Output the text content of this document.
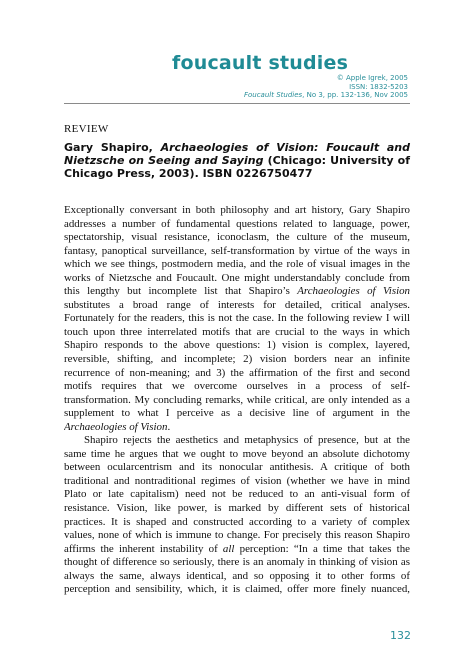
foucault studies
© Apple Igrek, 2005
ISSN: 1832-5203
Foucault Studies, No 3, pp. 132-136, Nov 2005
REVIEW
Gary Shapiro, Archaeologies of Vision: Foucault and Nietzsche on Seeing and Saying (Chicago: University of Chicago Press, 2003). ISBN 0226750477
Exceptionally conversant in both philosophy and art history, Gary Shapiro
addresses a number of fundamental questions related to language, power,
spectatorship, visual resistance, iconoclasm, the culture of the museum,
fantasy, panoptical surveillance, self-transformation by virtue of the ways in
which we see things, postmodern media, and the role of visual images in the
works of Nietzsche and Foucault. One might understandably conclude from
this lengthy but incomplete list that Shapiro’s Archaeologies of Vision
substitutes a broad range of interests for detailed, critical analyses.
Fortunately for the readers, this is not the case. In the following review I will
touch upon three interrelated motifs that are crucial to the ways in which
Shapiro responds to the above questions: 1) vision is complex, layered,
reversible, shifting, and incomplete; 2) vision borders near an infinite
recurrence of non-meaning; and 3) the affirmation of the first and second
motifs requires that we overcome ourselves in a process of self-
transformation. My concluding remarks, while critical, are only intended as a
supplement to what I perceive as a decisive line of argument in the
Archaeologies of Vision.
Shapiro rejects the aesthetics and metaphysics of presence, but at the
same time he argues that we ought to move beyond an absolute dichotomy
between ocularcentrism and its nonocular antithesis. A critique of both
traditional and nontraditional regimes of vision (whether we have in mind
Plato or late capitalism) need not be reduced to an anti-visual form of
resistance. Vision, like power, is marked by different sets of historical
practices. It is shaped and constructed according to a variety of complex
values, none of which is immune to change. For precisely this reason Shapiro
affirms the inherent instability of all perception: “In a time that takes the
thought of difference so seriously, there is an anomaly in thinking of vision as
always the same, always identical, and so opposing it to other forms of
perception and sensibility, which, it is claimed, offer more finely nuanced,
132
